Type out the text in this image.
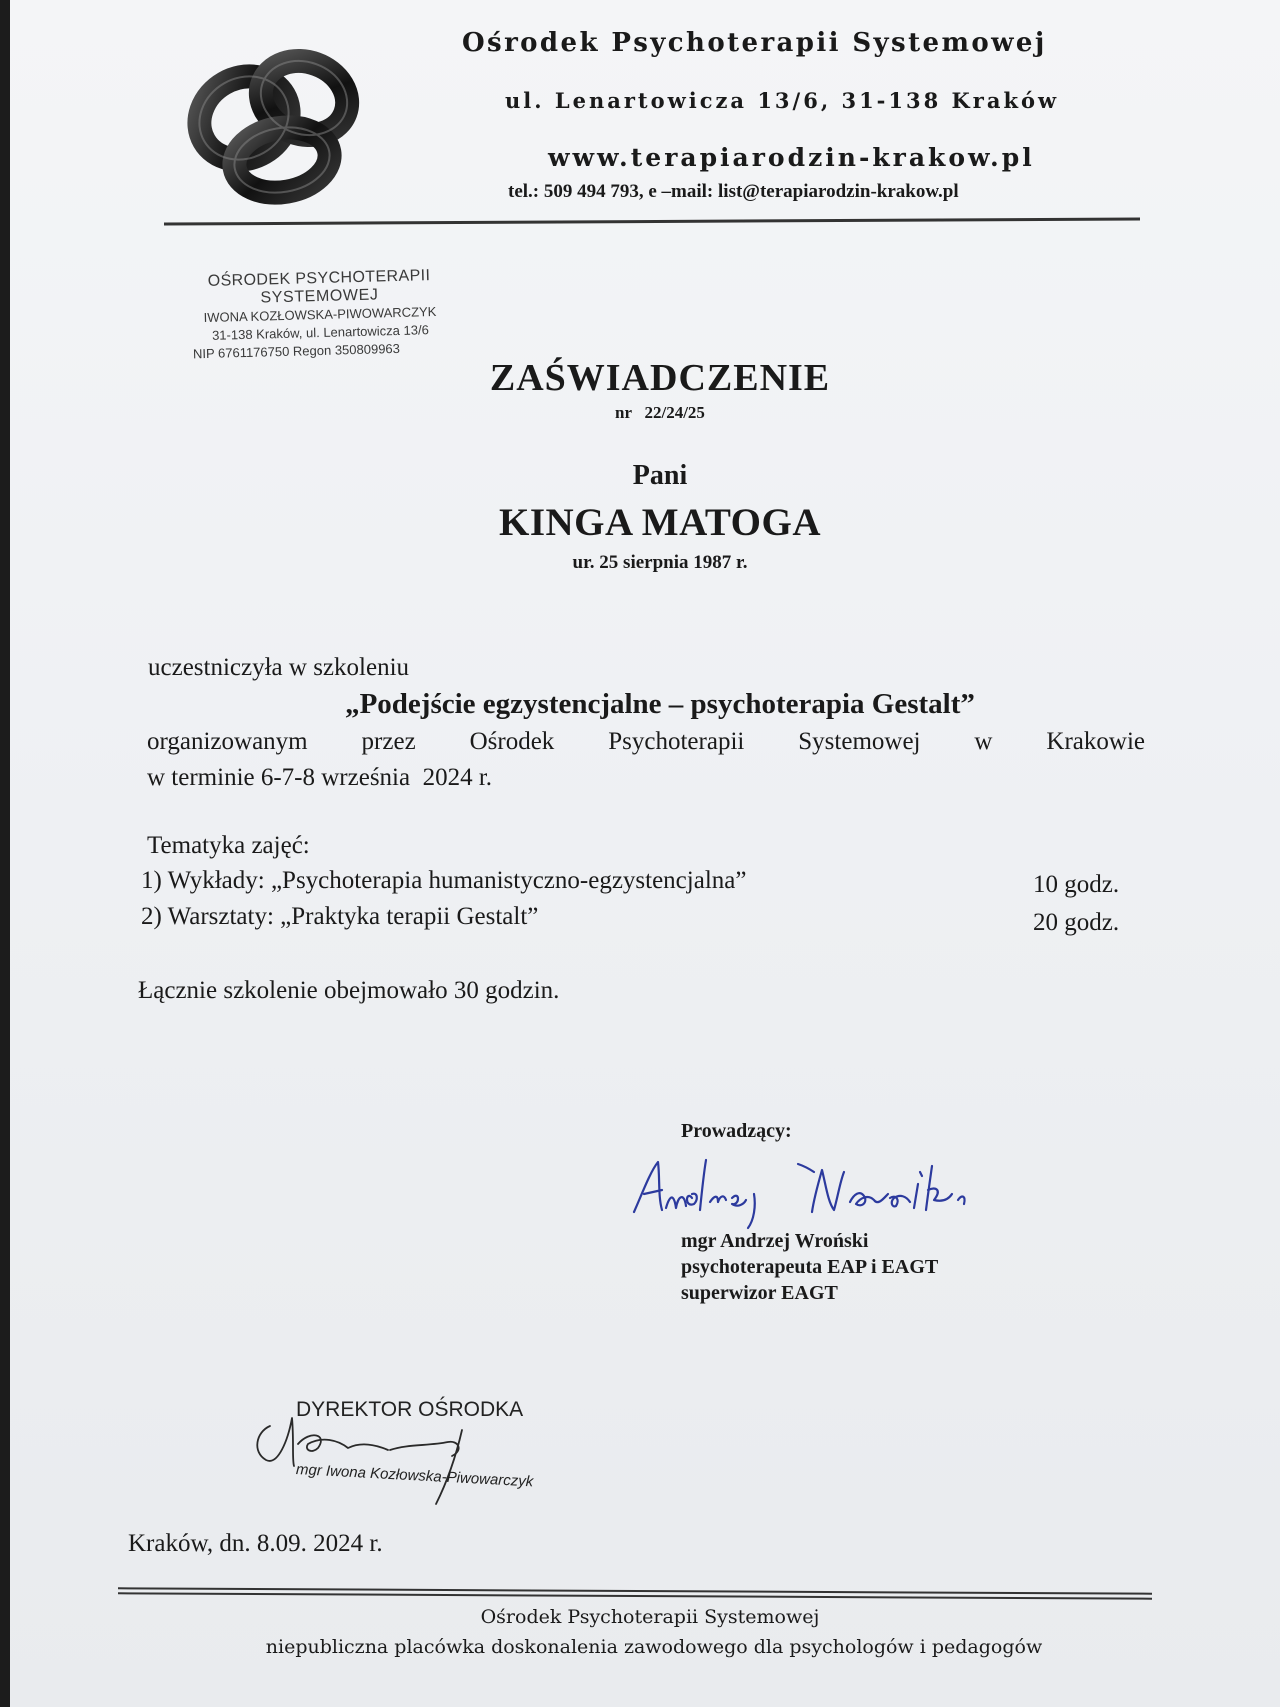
Ośrodek Psychoterapii Systemowej
ul. Lenartowicza 13/6, 31-138 Kraków
www.terapiarodzin-krakow.pl
tel.: 509 494 793, e –mail: list@terapiarodzin-krakow.pl
OŚRODEK PSYCHOTERAPII
SYSTEMOWEJ
IWONA KOZŁOWSKA-PIWOWARCZYK
31-138 Kraków, ul. Lenartowicza 13/6
NIP 6761176750 Regon 350809963
ZAŚWIADCZENIE
nr   22/24/25
Pani
KINGA MATOGA
ur. 25 sierpnia 1987 r.
uczestniczyła w szkoleniu
„Podejście egzystencjalne – psychoterapia Gestalt”
organizowanym przez Ośrodek Psychoterapii Systemowej w Krakowie
w terminie 6-7-8 września  2024 r.
Tematyka zajęć:
1) Wykłady: „Psychoterapia humanistyczno-egzystencjalna”	10 godz.
2) Warsztaty: „Praktyka terapii Gestalt”	20 godz.
Łącznie szkolenie obejmowało 30 godzin.
Prowadzący:
mgr Andrzej Wroński
psychoterapeuta EAP i EAGT
superwizor EAGT
DYREKTOR OŚRODKA
mgr Iwona Kozłowska-Piwowarczyk
Kraków, dn. 8.09. 2024 r.
Ośrodek Psychoterapii Systemowej
niepubliczna placówka doskonalenia zawodowego dla psychologów i pedagogów
